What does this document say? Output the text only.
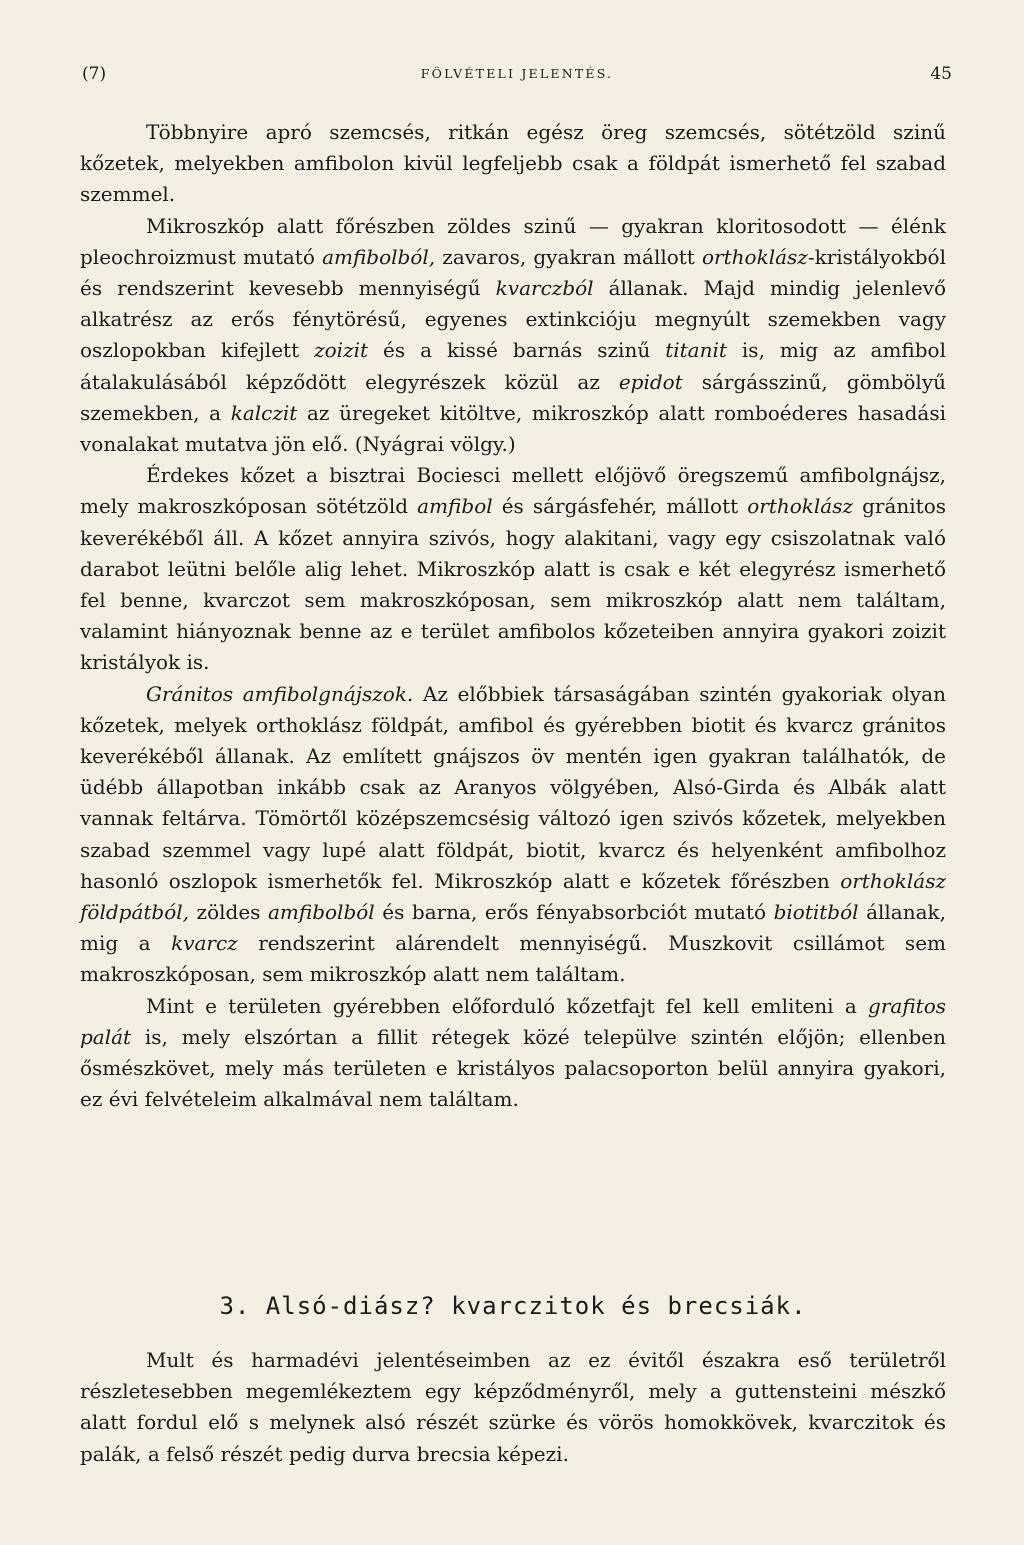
(7)	FÖLVÉTELI JELENTÉS.	45

Többnyire apró szemcsés, ritkán egész öreg szemcsés, sötétzöld szinű kőzetek, melyekben amfibolon kivül legfeljebb csak a földpát ismerhető fel szabad szemmel.

Mikroszkóp alatt főrészben zöldes szinű — gyakran kloritosodott — élénk pleochroizmust mutató amfibolból, zavaros, gyakran mállott orthoklász-kristályokból és rendszerint kevesebb mennyiségű kvarczból állanak. Majd mindig jelenlevő alkatrész az erős fénytörésű, egyenes extinkcióju megnyúlt szemekben vagy oszlopokban kifejlett zoizit és a kissé barnás szinű titanit is, mig az amfibol átalakulásából képződött elegyrészek közül az epidot sárgásszinű, gömbölyű szemekben, a kalczit az üregeket kitöltve, mikroszkóp alatt romboéderes hasadási vonalakat mutatva jön elő. (Nyágrai völgy.)

Érdekes kőzet a bisztrai Bociesci mellett előjövő öregszemű amfibolgnájsz, mely makroszkóposan sötétzöld amfibol és sárgásfehér, mállott orthoklász gránitos keverékéből áll. A kőzet annyira szivós, hogy alakitani, vagy egy csiszolatnak való darabot leütni belőle alig lehet. Mikroszkóp alatt is csak e két elegyrész ismerhető fel benne, kvarczot sem makroszkóposan, sem mikroszkóp alatt nem találtam, valamint hiányoznak benne az e terület amfibolos kőzeteiben annyira gyakori zoizit kristályok is.

Gránitos amfibolgnájszok. Az előbbiek társaságában szintén gyakoriak olyan kőzetek, melyek orthoklász földpát, amfibol és gyérebben biotit és kvarcz gránitos keverékéből állanak. Az említett gnájszos öv mentén igen gyakran találhatók, de üdébb állapotban inkább csak az Aranyos völgyében, Alsó-Girda és Albák alatt vannak feltárva. Tömörtől középszemcsésig változó igen szivós kőzetek, melyekben szabad szemmel vagy lupé alatt földpát, biotit, kvarcz és helyenként amfibolhoz hasonló oszlopok ismerhetők fel. Mikroszkóp alatt e kőzetek főrészben orthoklász földpátból, zöldes amfibolból és barna, erős fényabsorbciót mutató biotitból állanak, mig a kvarcz rendszerint alárendelt mennyiségű. Muszkovit csillámot sem makroszkóposan, sem mikroszkóp alatt nem találtam.

Mint e területen gyérebben előforduló kőzetfajt fel kell emliteni a grafitos palát is, mely elszórtan a fillit rétegek közé települve szintén előjön; ellenben ősmészkövet, mely más területen e kristályos palacsoporton belül annyira gyakori, ez évi felvételeim alkalmával nem találtam.

3. Alsó-diász? kvarczitok és brecsiák.

Mult és harmadévi jelentéseimben az ez évitől északra eső területről részletesebben megemlékeztem egy képződményről, mely a guttensteini mészkő alatt fordul elő s melynek alsó részét szürke és vörös homokkövek, kvarczitok és palák, a felső részét pedig durva brecsia képezi.
